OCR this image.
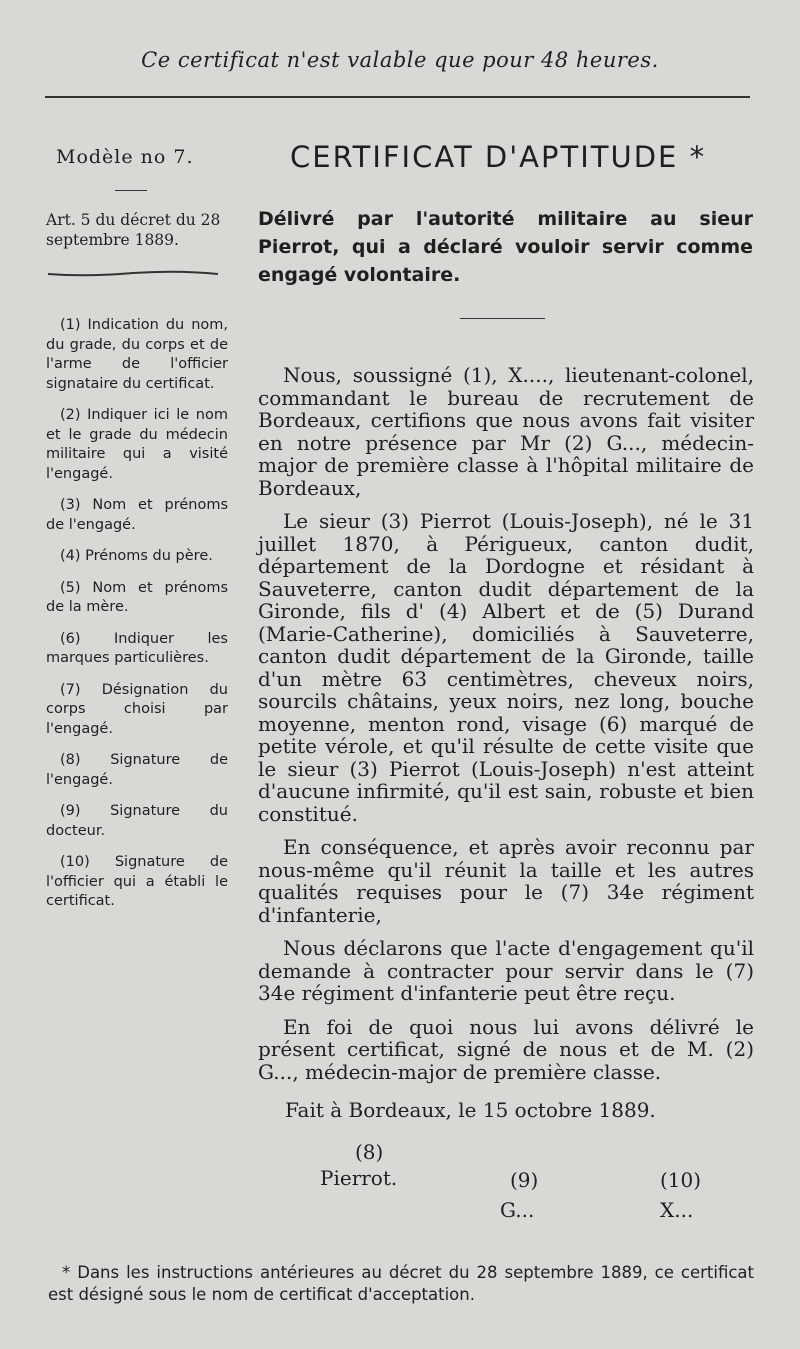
Ce certificat n'est valable que pour 48 heures.
Modèle no 7.	CERTIFICAT D'APTITUDE *
Art. 5 du décret du 28 septembre 1889.
Délivré par l'autorité militaire au sieur Pierrot, qui a déclaré vouloir servir comme engagé volontaire.

(1) Indication du nom, du grade, du corps et de l'arme de l'officier signataire du certificat.

(2) Indiquer ici le nom et le grade du médecin militaire qui a visité l'engagé.

(3) Nom et prénoms de l'engagé.

(4) Prénoms du père.

(5) Nom et prénoms de la mère.

(6) Indiquer les marques particulières.

(7) Désignation du corps choisi par l'engagé.

(8) Signature de l'engagé.

(9) Signature du docteur.

(10) Signature de l'officier qui a établi le certificat.

Nous, soussigné (1), X...., lieutenant-colonel, commandant le bureau de recrutement de Bordeaux, certifions que nous avons fait visiter en notre présence par Mr (2) G..., médecin-major de première classe à l'hôpital militaire de Bordeaux,

Le sieur (3) Pierrot (Louis-Joseph), né le 31 juillet 1870, à Périgueux, canton dudit, département de la Dordogne et résidant à Sauveterre, canton dudit département de la Gironde, fils d' (4) Albert et de (5) Durand (Marie-Catherine), domiciliés à Sauveterre, canton dudit département de la Gironde, taille d'un mètre 63 centimètres, cheveux noirs, sourcils châtains, yeux noirs, nez long, bouche moyenne, menton rond, visage (6) marqué de petite vérole, et qu'il résulte de cette visite que le sieur (3) Pierrot (Louis-Joseph) n'est atteint d'aucune infirmité, qu'il est sain, robuste et bien constitué.

En conséquence, et après avoir reconnu par nous-même qu'il réunit la taille et les autres qualités requises pour le (7) 34e régiment d'infanterie,

Nous déclarons que l'acte d'engagement qu'il demande à contracter pour servir dans le (7) 34e régiment d'infanterie peut être reçu.

En foi de quoi nous lui avons délivré le présent certificat, signé de nous et de M. (2) G..., médecin-major de première classe.

Fait à Bordeaux, le 15 octobre 1889.
(8)
Pierrot.	(9)
G...
(10)
X...
* Dans les instructions antérieures au décret du 28 septembre 1889, ce certificat est désigné sous le nom de certificat d'acceptation.
